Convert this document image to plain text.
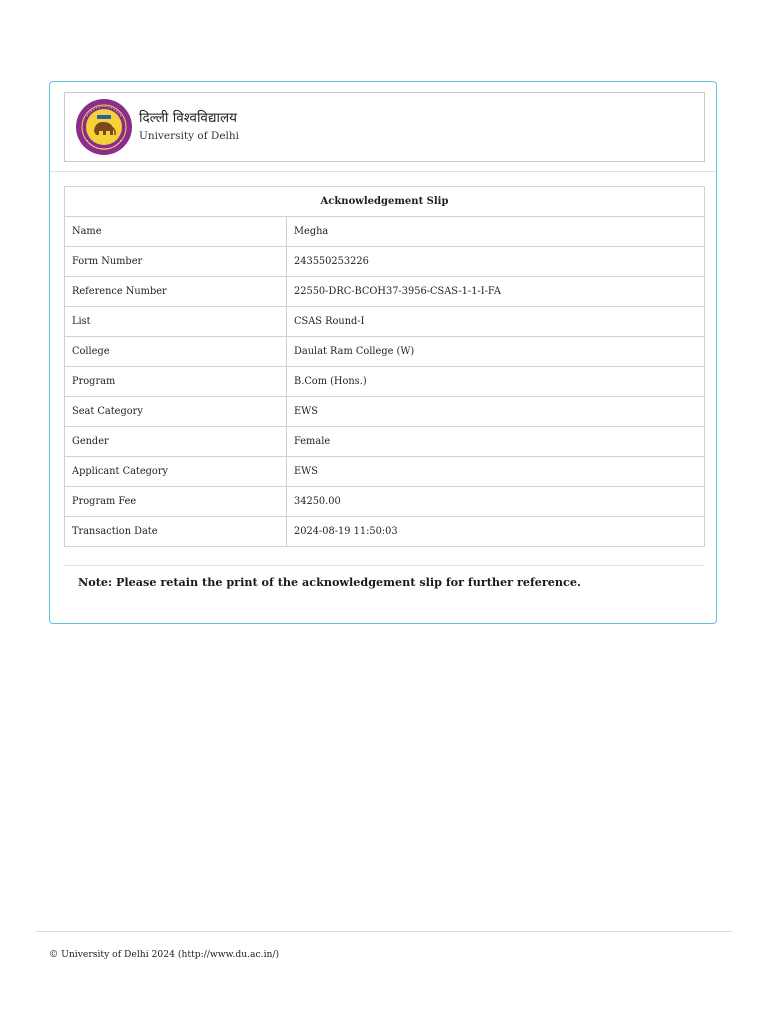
दिल्ली विश्वविद्यालय
University of Delhi
Acknowledgement Slip	
Name	Megha
Form Number	243550253226
Reference Number	22550-DRC-BCOH37-3956-CSAS-1-1-I-FA
List	CSAS Round-I
College	Daulat Ram College (W)
Program	B.Com (Hons.)
Seat Category	EWS
Gender	Female
Applicant Category	EWS
Program Fee	34250.00
Transaction Date	2024-08-19 11:50:03
Note: Please retain the print of the acknowledgement slip for further reference.
© University of Delhi 2024 (http://www.du.ac.in/)
